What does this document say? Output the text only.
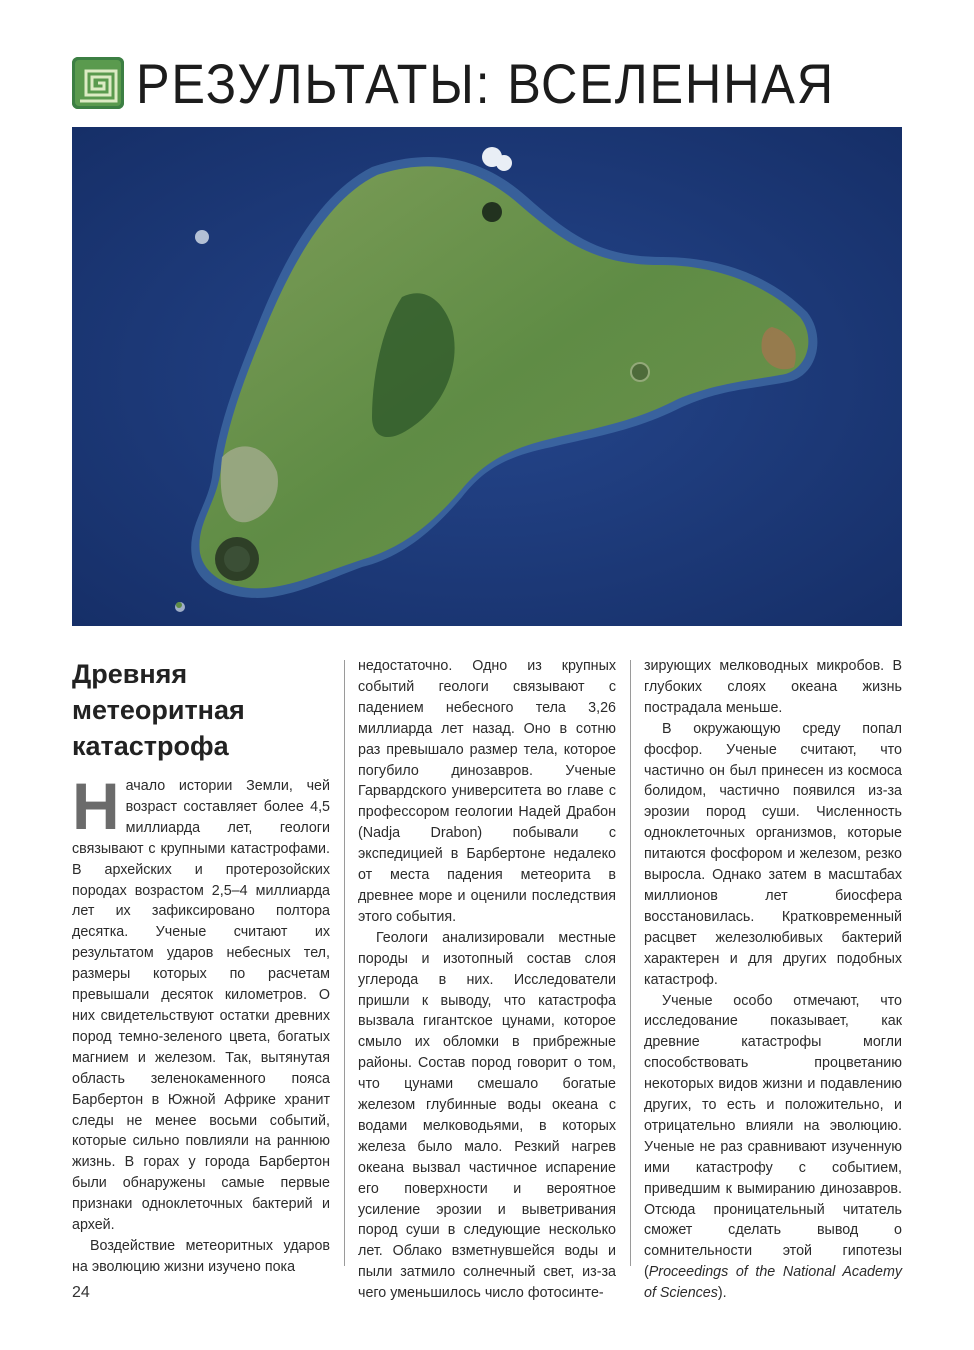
РЕЗУЛЬТАТЫ: ВСЕЛЕННАЯ
Древняя метеоритная катастрофа

Начало истории Земли, чей возраст составляет более 4,5 миллиарда лет, геологи связывают с крупными катастрофами. В архейских и протерозойских породах возрастом 2,5–4 миллиарда лет их зафиксировано полтора десятка. Ученые считают их результатом ударов небесных тел, размеры которых по расчетам превышали десяток километров. О них свидетельствуют остатки древних пород темно-зеленого цвета, богатых магнием и железом. Так, вытянутая область зеленокаменного пояса Барбертон в Южной Африке хранит следы не менее восьми событий, которые сильно повлияли на раннюю жизнь. В горах у города Барбертон были обнаружены самые первые признаки одноклеточных бактерий и архей.

Воздействие метеоритных ударов на эволюцию жизни изучено пока

недостаточно. Одно из крупных событий геологи связывают с падением небесного тела 3,26 миллиарда лет назад. Оно в сотню раз превышало размер тела, которое погубило динозавров. Ученые Гарвардского университета во главе с профессором геологии Надей Драбон (Nadja Drabon) побывали с экспедицией в Барбертоне недалеко от места падения метеорита в древнее море и оценили последствия этого события.

Геологи анализировали местные породы и изотопный состав слоя углерода в них. Исследователи пришли к выводу, что катастрофа вызвала гигантское цунами, которое смыло их обломки в прибрежные районы. Состав пород говорит о том, что цунами смешало богатые железом глубинные воды океана с водами мелководьями, в которых железа было мало. Резкий нагрев океана вызвал частичное испарение его поверхности и вероятное усиление эрозии и выветривания пород суши в следующие несколько лет. Облако взметнувшейся воды и пыли затмило солнечный свет, из-за чего уменьшилось число фотосинте-

зирующих мелководных микробов. В глубоких слоях океана жизнь пострадала меньше.

В окружающую среду попал фосфор. Ученые считают, что частично он был принесен из космоса болидом, частично появился из-за эрозии пород суши. Численность одноклеточных организмов, которые питаются фосфором и железом, резко выросла. Однако затем в масштабах миллионов лет биосфера восстановилась. Кратковременный расцвет железолюбивых бактерий характерен и для других подобных катастроф.

Ученые особо отмечают, что исследование показывает, как древние катастрофы могли способствовать процветанию некоторых видов жизни и подавлению других, то есть и положительно, и отрицательно влияли на эволюцию. Ученые не раз сравнивают изученную ими катастрофу с событием, приведшим к вымиранию динозавров. Отсюда проницательный читатель сможет сделать вывод о сомнительности этой гипотезы (Proceedings of the National Academy of Sciences).

24
